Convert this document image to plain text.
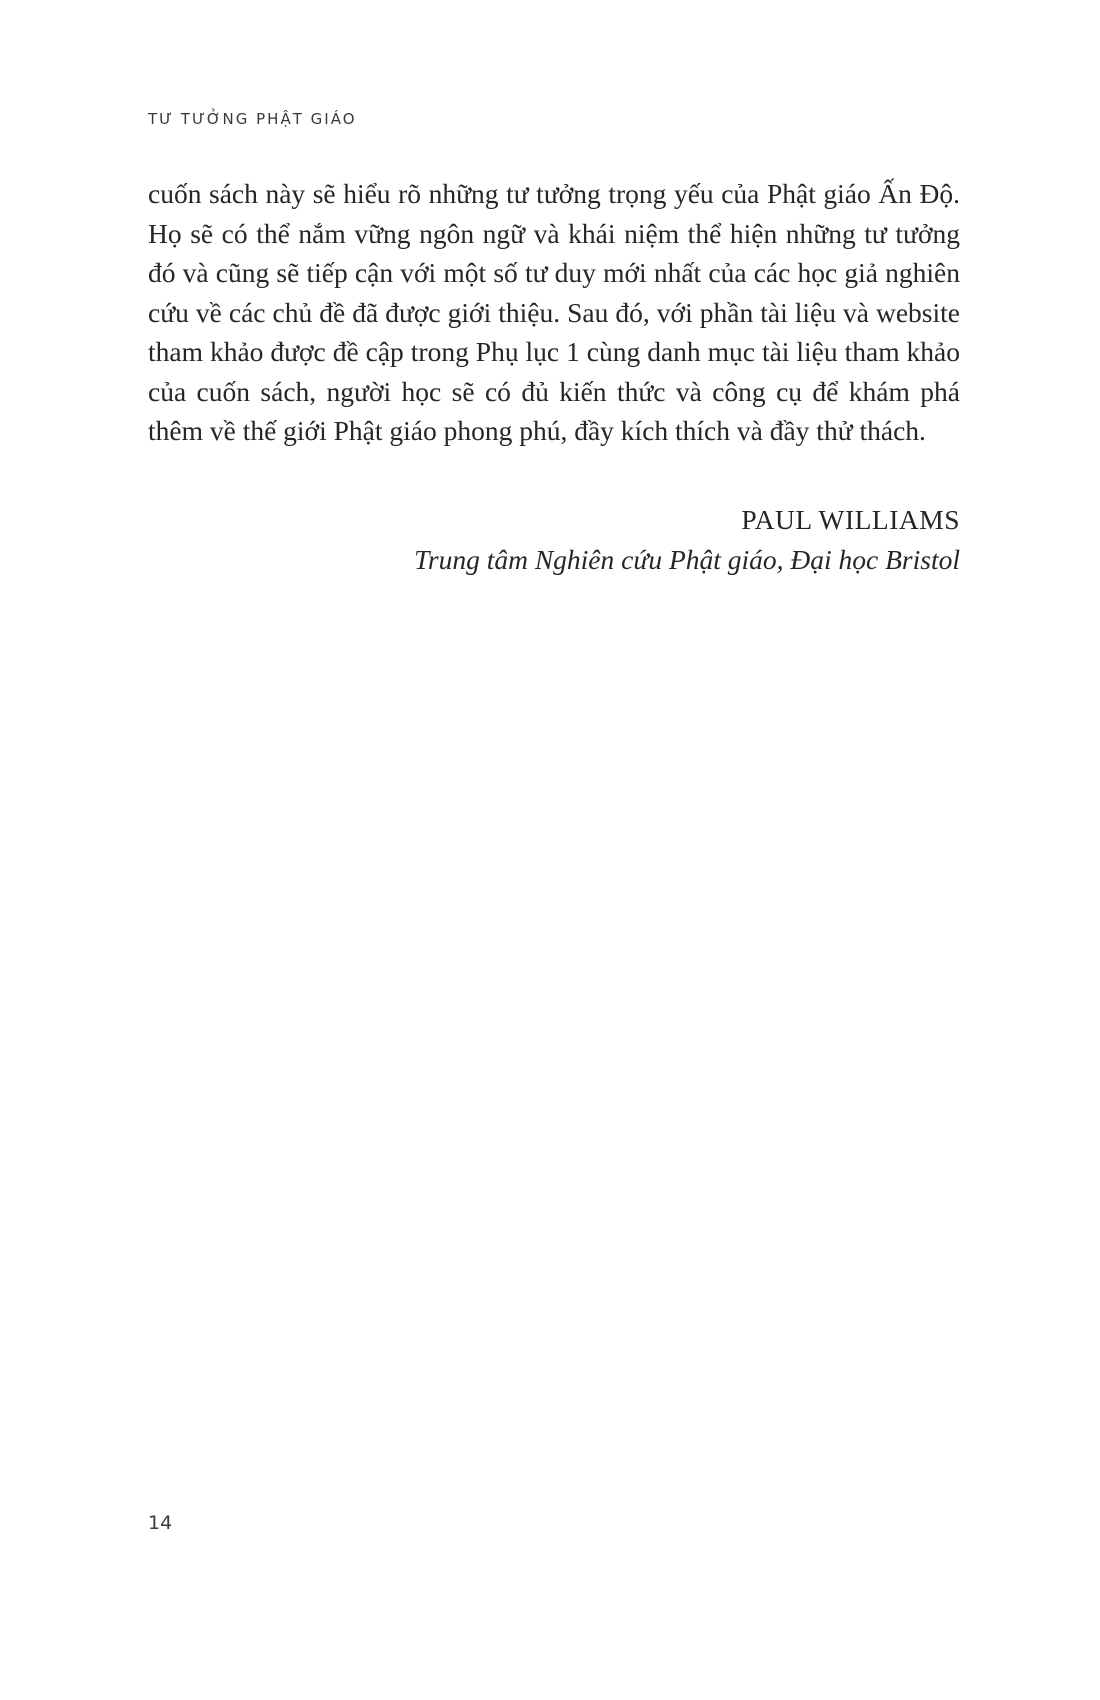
TƯ TƯỞNG PHẬT GIÁO

cuốn sách này sẽ hiểu rõ những tư tưởng trọng yếu của Phật giáo Ấn Độ. Họ sẽ có thể nắm vững ngôn ngữ và khái niệm thể hiện những tư tưởng đó và cũng sẽ tiếp cận với một số tư duy mới nhất của các học giả nghiên cứu về các chủ đề đã được giới thiệu. Sau đó, với phần tài liệu và website tham khảo được đề cập trong Phụ lục 1 cùng danh mục tài liệu tham khảo của cuốn sách, người học sẽ có đủ kiến thức và công cụ để khám phá thêm về thế giới Phật giáo phong phú, đầy kích thích và đầy thử thách.

PAUL WILLIAMS
Trung tâm Nghiên cứu Phật giáo, Đại học Bristol
14
